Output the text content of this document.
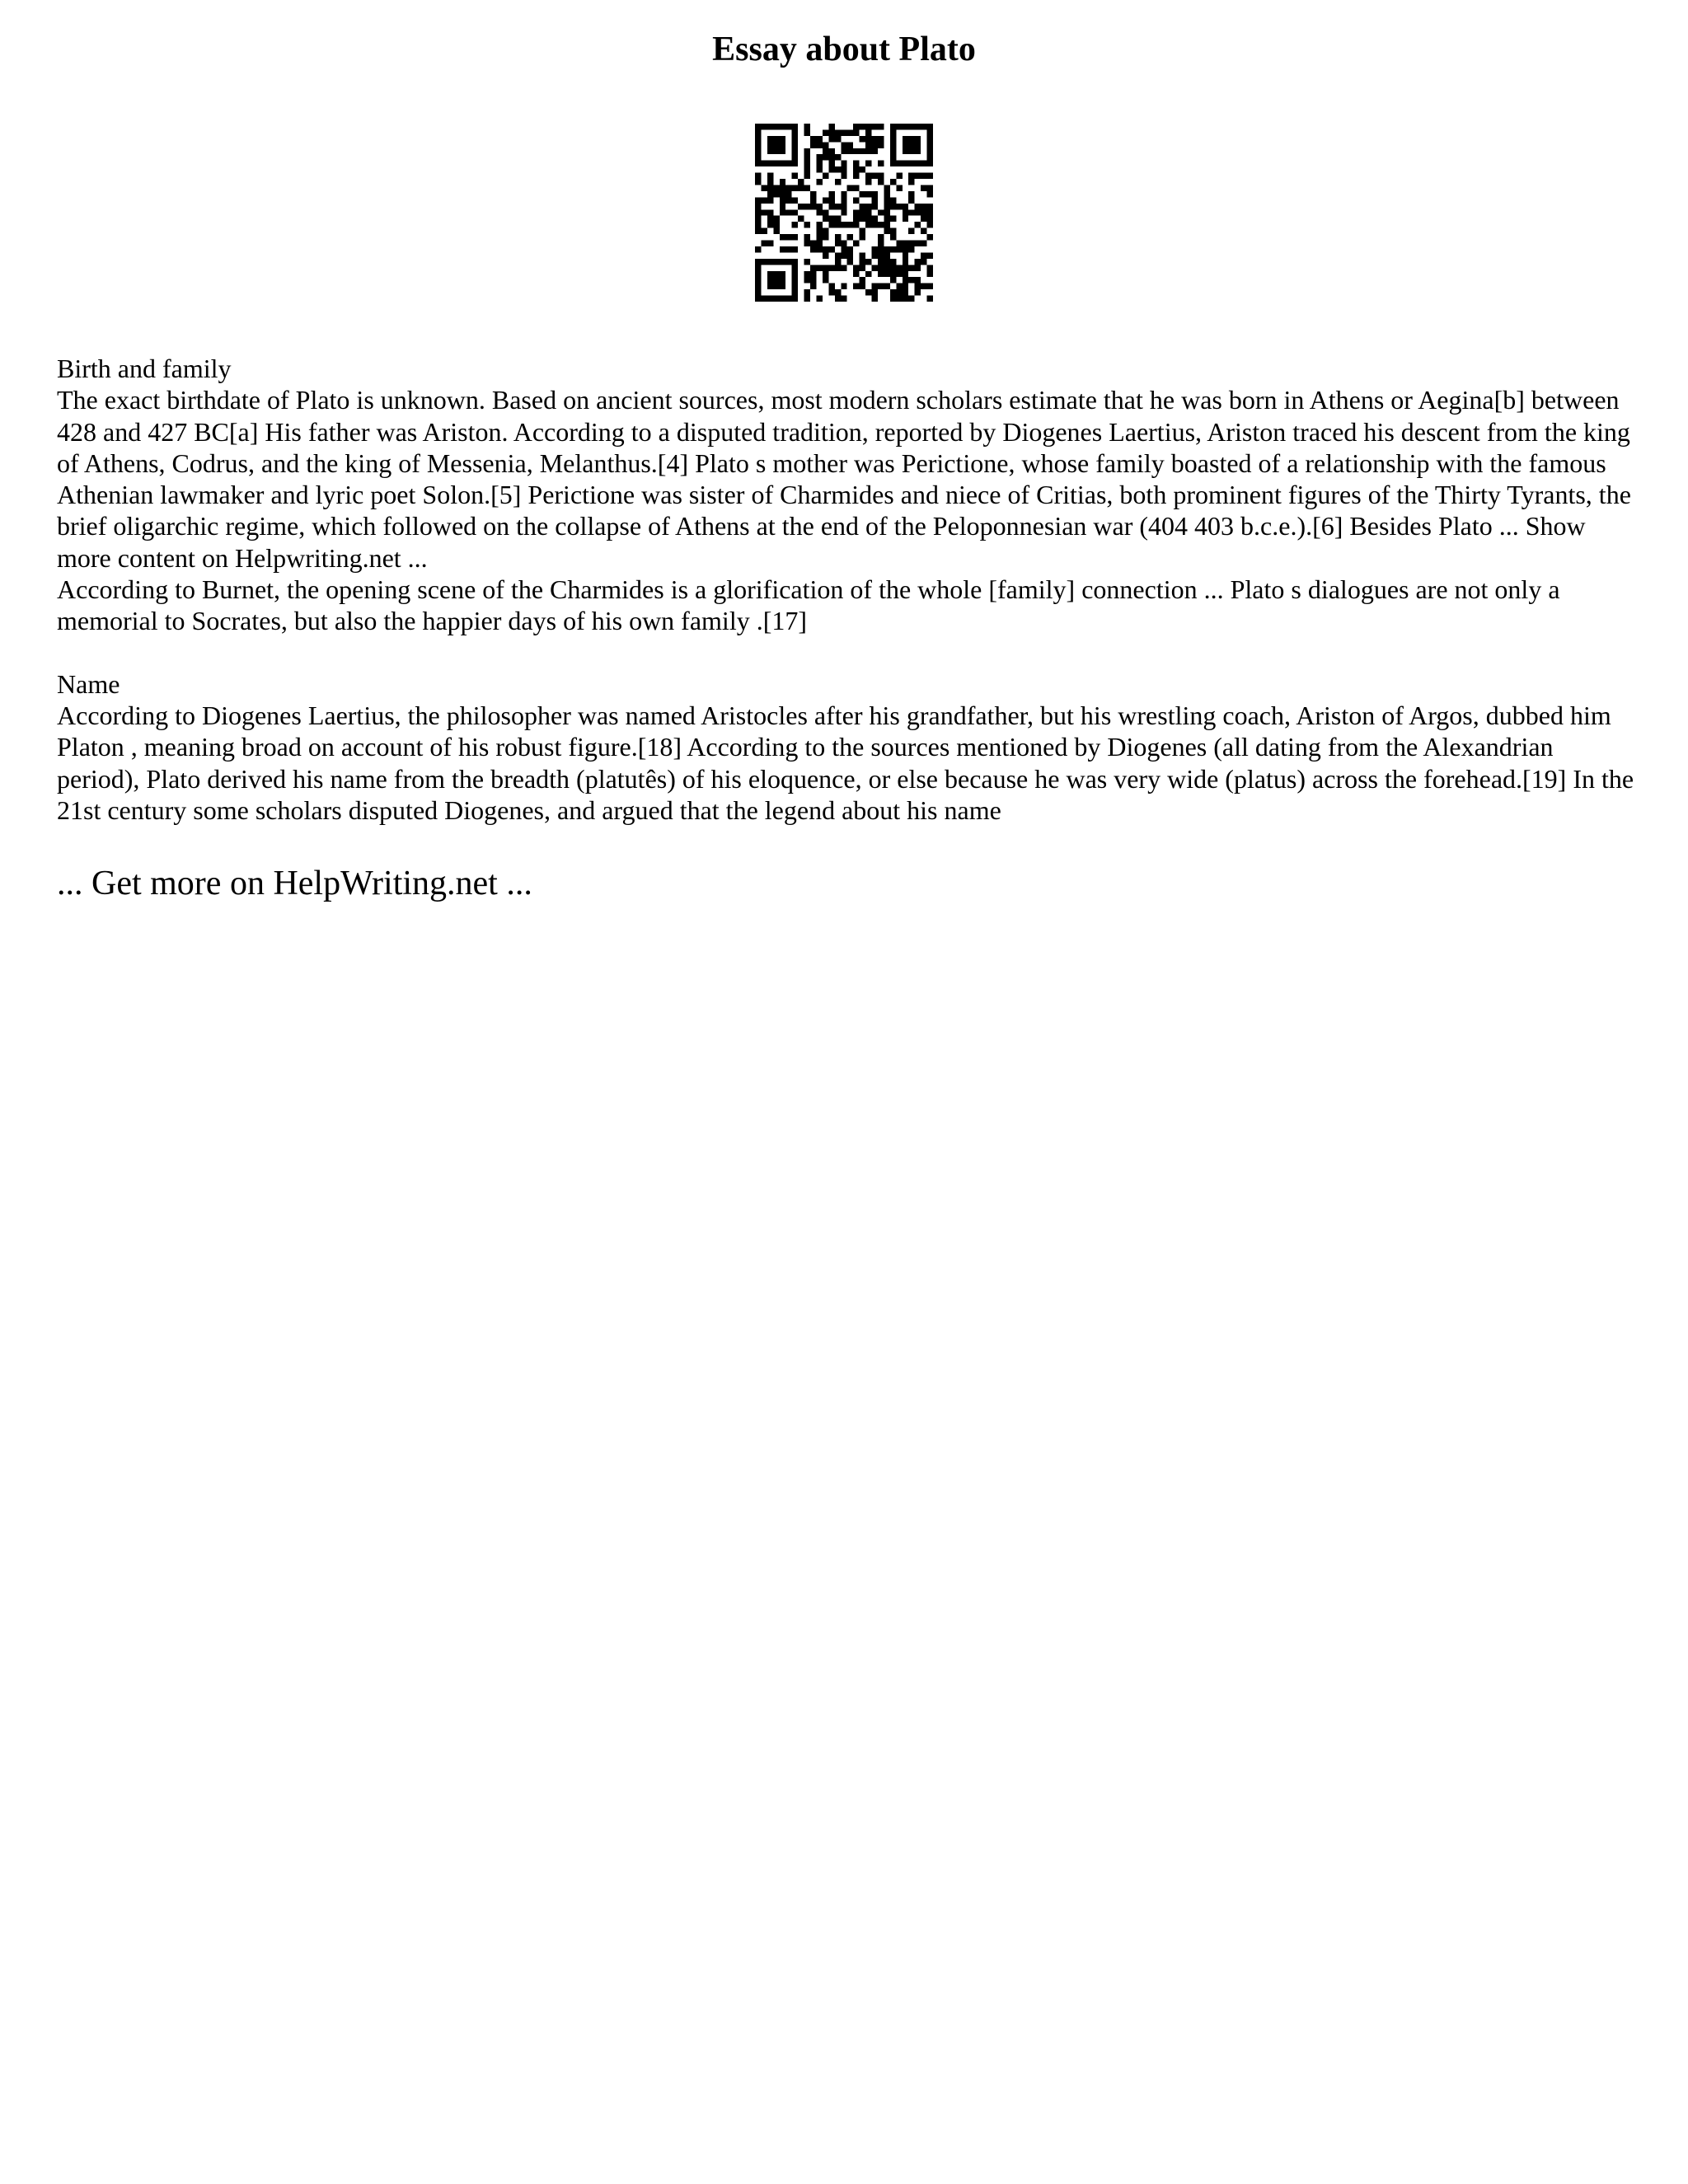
Essay about Plato

Birth and family

The exact birthdate of Plato is unknown. Based on ancient sources, most modern scholars estimate that he was born in Athens or Aegina[b] between 428 and 427 BC[a] His father was Ariston. According to a disputed tradition, reported by Diogenes Laertius, Ariston traced his descent from the king of Athens, Codrus, and the king of Messenia, Melanthus.[4] Plato s mother was Perictione, whose family boasted of a relationship with the famous Athenian lawmaker and lyric poet Solon.[5] Perictione was sister of Charmides and niece of Critias, both prominent figures of the Thirty Tyrants, the brief oligarchic regime, which followed on the collapse of Athens at the end of the Peloponnesian war (404 403 b.c.e.).[6] Besides Plato ... Show more content on Helpwriting.net ...

According to Burnet, the opening scene of the Charmides is a glorification of the whole [family] connection ... Plato s dialogues are not only a memorial to Socrates, but also the happier days of his own family .[17]

Name

According to Diogenes Laertius, the philosopher was named Aristocles after his grandfather, but his wrestling coach, Ariston of Argos, dubbed him Platon , meaning broad on account of his robust figure.[18] According to the sources mentioned by Diogenes (all dating from the Alexandrian period), Plato derived his name from the breadth (platutês) of his eloquence, or else because he was very wide (platus) across the forehead.[19] In the 21st century some scholars disputed Diogenes, and argued that the legend about his name

... Get more on HelpWriting.net ...
